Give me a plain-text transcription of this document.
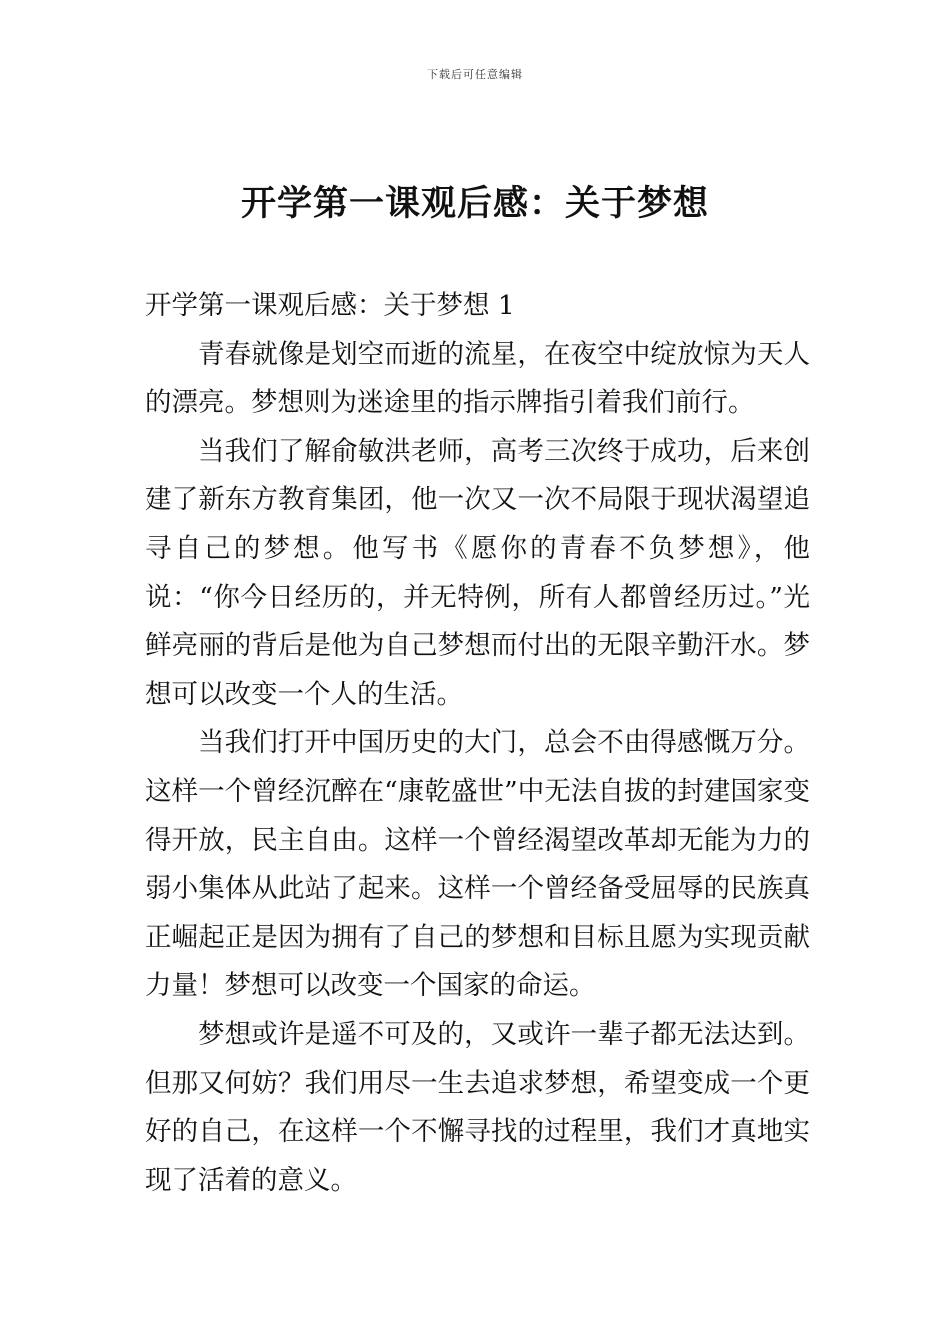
下载后可任意编辑
开学第一课观后感：关于梦想

开学第一课观后感：关于梦想 1

青春就像是划空而逝的流星，在夜空中绽放惊为天人的漂亮。梦想则为迷途里的指示牌指引着我们前行。

当我们了解俞敏洪老师，高考三次终于成功，后来创建了新东方教育集团，他一次又一次不局限于现状渴望追寻自己的梦想。他写书《愿你的青春不负梦想》，他说：“你今日经历的，并无特例，所有人都曾经历过。”光鲜亮丽的背后是他为自己梦想而付出的无限辛勤汗水。梦想可以改变一个人的生活。

当我们打开中国历史的大门，总会不由得感慨万分。这样一个曾经沉醉在“康乾盛世”中无法自拔的封建国家变得开放，民主自由。这样一个曾经渴望改革却无能为力的弱小集体从此站了起来。这样一个曾经备受屈辱的民族真正崛起正是因为拥有了自己的梦想和目标且愿为实现贡献力量！梦想可以改变一个国家的命运。

梦想或许是遥不可及的，又或许一辈子都无法达到。但那又何妨？我们用尽一生去追求梦想，希望变成一个更好的自己，在这样一个不懈寻找的过程里，我们才真地实现了活着的意义。
